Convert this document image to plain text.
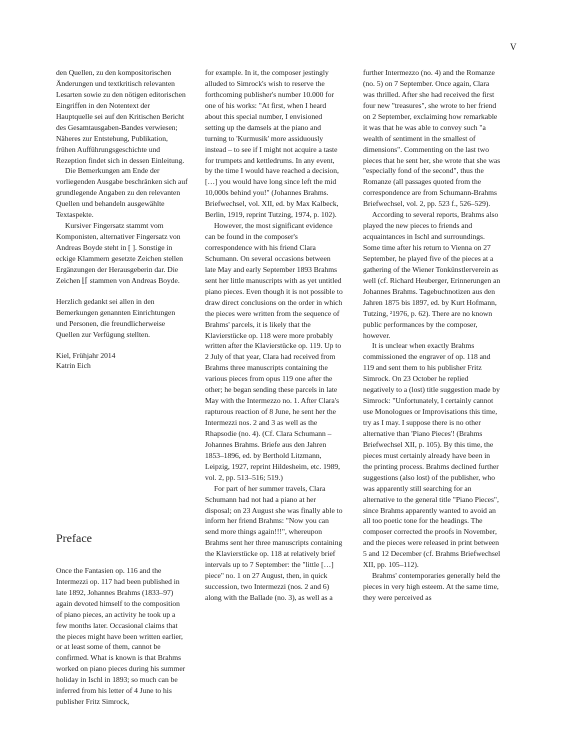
V

den Quellen, zu den kompositorischen Änderungen und textkritisch relevanten Lesarten sowie zu den nötigen editorischen Eingriffen in den Notentext der Hauptquelle sei auf den Kritischen Bericht des Gesamtausgaben-Bandes verwiesen; Näheres zur Entstehung, Publikation, frühen Aufführungsgeschichte und Rezeption findet sich in dessen Einleitung.

Die Bemerkungen am Ende der vorliegenden Ausgabe beschränken sich auf grundlegende Angaben zu den relevanten Quellen und behandeln ausgewählte Textaspekte.

Kursiver Fingersatz stammt vom Komponisten, alternativer Fingersatz von Andreas Boyde steht in [ ]. Sonstige in eckige Klammern gesetzte Zeichen stellen Ergänzungen der Herausgeberin dar. Die Zeichen ⌊⌈ stammen von Andreas Boyde.

Herzlich gedankt sei allen in den Bemerkungen genannten Einrichtungen und Personen, die freundlicherweise Quellen zur Verfügung stellten.

Kiel, Frühjahr 2014

Katrin Eich

Preface

Once the Fantasien op. 116 and the Intermezzi op. 117 had been published in late 1892, Johannes Brahms (1833–97) again devoted himself to the composition of piano pieces, an activity he took up a few months later. Occasional claims that the pieces might have been written earlier, or at least some of them, cannot be confirmed. What is known is that Brahms worked on piano pieces during his summer holiday in Ischl in 1893; so much can be inferred from his letter of 4 June to his publisher Fritz Simrock,

for example. In it, the composer jestingly alluded to Simrock's wish to reserve the forthcoming publisher's number 10.000 for one of his works: "At first, when I heard about this special number, I envisioned setting up the damsels at the piano and turning to 'Kurmusik' more assiduously instead – to see if I might not acquire a taste for trumpets and kettledrums. In any event, by the time I would have reached a decision, […] you would have long since left the mid 10,000s behind you!" (Johannes Brahms. Briefwechsel, vol. XII, ed. by Max Kalbeck, Berlin, 1919, reprint Tutzing, 1974, p. 102).

However, the most significant evidence can be found in the composer's correspondence with his friend Clara Schumann. On several occasions between late May and early September 1893 Brahms sent her little manuscripts with as yet untitled piano pieces. Even though it is not possible to draw direct conclusions on the order in which the pieces were written from the sequence of Brahms' parcels, it is likely that the Klavierstücke op. 118 were more probably written after the Klavierstücke op. 119. Up to 2 July of that year, Clara had received from Brahms three manuscripts containing the various pieces from opus 119 one after the other; he began sending these parcels in late May with the Intermezzo no. 1. After Clara's rapturous reaction of 8 June, he sent her the Intermezzi nos. 2 and 3 as well as the Rhapsodie (no. 4). (Cf. Clara Schumann – Johannes Brahms. Briefe aus den Jahren 1853–1896, ed. by Berthold Litzmann, Leipzig, 1927, reprint Hildesheim, etc. 1989, vol. 2, pp. 513–516; 519.)

For part of her summer travels, Clara Schumann had not had a piano at her disposal; on 23 August she was finally able to inform her friend Brahms: "Now you can send more things again!!!", whereupon Brahms sent her three manuscripts containing the Klavierstücke op. 118 at relatively brief intervals up to 7 September: the "little […] piece" no. 1 on 27 August, then, in quick succession, two Intermezzi (nos. 2 and 6) along with the Ballade (no. 3), as well as a

further Intermezzo (no. 4) and the Romanze (no. 5) on 7 September. Once again, Clara was thrilled. After she had received the first four new "treasures", she wrote to her friend on 2 September, exclaiming how remarkable it was that he was able to convey such "a wealth of sentiment in the smallest of dimensions". Commenting on the last two pieces that he sent her, she wrote that she was "especially fond of the second", thus the Romanze (all passages quoted from the correspondence are from Schumann-Brahms Briefwechsel, vol. 2, pp. 523 f., 526–529).

According to several reports, Brahms also played the new pieces to friends and acquaintances in Ischl and surroundings. Some time after his return to Vienna on 27 September, he played five of the pieces at a gathering of the Wiener Tonkünstlerverein as well (cf. Richard Heuberger, Erinnerungen an Johannes Brahms. Tagebuchnotizen aus den Jahren 1875 bis 1897, ed. by Kurt Hofmann, Tutzing, ²1976, p. 62). There are no known public performances by the composer, however.

It is unclear when exactly Brahms commissioned the engraver of op. 118 and 119 and sent them to his publisher Fritz Simrock. On 23 October he replied negatively to a (lost) title suggestion made by Simrock: "Unfortunately, I certainly cannot use Monologues or Improvisations this time, try as I may. I suppose there is no other alternative than 'Piano Pieces'! (Brahms Briefwechsel XII, p. 105). By this time, the pieces must certainly already have been in the printing process. Brahms declined further suggestions (also lost) of the publisher, who was apparently still searching for an alternative to the general title "Piano Pieces", since Brahms apparently wanted to avoid an all too poetic tone for the headings. The composer corrected the proofs in November, and the pieces were released in print between 5 and 12 December (cf. Brahms Briefwechsel XII, pp. 105–112).

Brahms' contemporaries generally held the pieces in very high esteem. At the same time, they were perceived as
